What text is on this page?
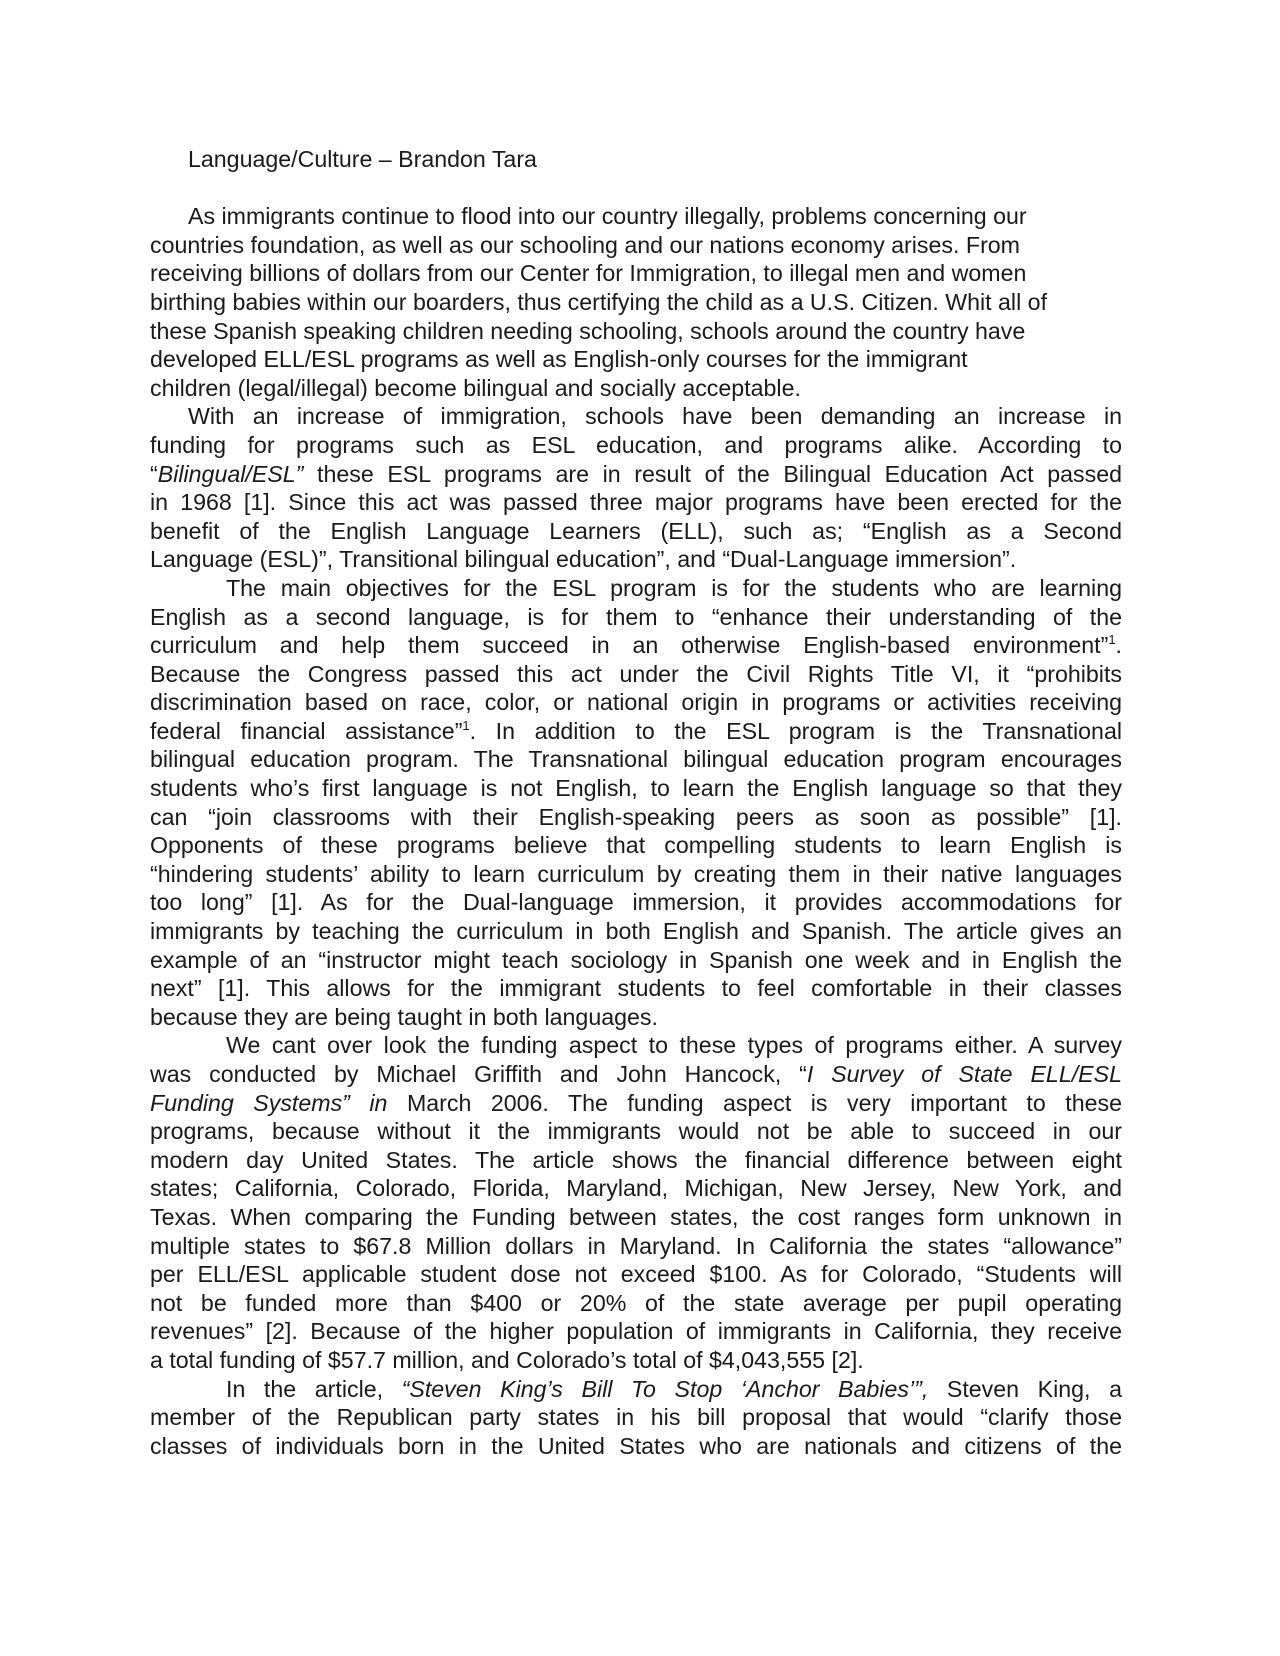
Language/Culture – Brandon Tara
As immigrants continue to flood into our country illegally, problems concerning our
countries foundation, as well as our schooling and our nations economy arises. From
receiving billions of dollars from our Center for Immigration, to illegal men and women
birthing babies within our boarders, thus certifying the child as a U.S. Citizen. Whit all of
these Spanish speaking children needing schooling, schools around the country have
developed ELL/ESL programs as well as English-only courses for the immigrant
children (legal/illegal) become bilingual and socially acceptable.
With an increase of immigration, schools have been demanding an increase in
funding for programs such as ESL education, and programs alike. According to
“Bilingual/ESL” these ESL programs are in result of the Bilingual Education Act passed
in 1968 [1]. Since this act was passed three major programs have been erected for the
benefit of the English Language Learners (ELL), such as; “English as a Second
Language (ESL)”, Transitional bilingual education”, and “Dual-Language immersion”.
The main objectives for the ESL program is for the students who are learning
English as a second language, is for them to “enhance their understanding of the
curriculum and help them succeed in an otherwise English-based environment”$^1$.
Because the Congress passed this act under the Civil Rights Title VI, it “prohibits
discrimination based on race, color, or national origin in programs or activities receiving
federal financial assistance”$^1$. In addition to the ESL program is the Transnational
bilingual education program. The Transnational bilingual education program encourages
students who’s first language is not English, to learn the English language so that they
can “join classrooms with their English-speaking peers as soon as possible” [1].
Opponents of these programs believe that compelling students to learn English is
“hindering students’ ability to learn curriculum by creating them in their native languages
too long” [1]. As for the Dual-language immersion, it provides accommodations for
immigrants by teaching the curriculum in both English and Spanish. The article gives an
example of an “instructor might teach sociology in Spanish one week and in English the
next” [1]. This allows for the immigrant students to feel comfortable in their classes
because they are being taught in both languages.
We cant over look the funding aspect to these types of programs either. A survey
was conducted by Michael Griffith and John Hancock, “I Survey of State ELL/ESL
Funding Systems” in March 2006. The funding aspect is very important to these
programs, because without it the immigrants would not be able to succeed in our
modern day United States. The article shows the financial difference between eight
states; California, Colorado, Florida, Maryland, Michigan, New Jersey, New York, and
Texas. When comparing the Funding between states, the cost ranges form unknown in
multiple states to $67.8 Million dollars in Maryland. In California the states “allowance”
per ELL/ESL applicable student dose not exceed $100. As for Colorado, “Students will
not be funded more than $400 or 20% of the state average per pupil operating
revenues” [2]. Because of the higher population of immigrants in California, they receive
a total funding of $57.7 million, and Colorado’s total of $4,043,555 [2].
In the article, “Steven King’s Bill To Stop ‘Anchor Babies’”, Steven King, a
member of the Republican party states in his bill proposal that would “clarify those
classes of individuals born in the United States who are nationals and citizens of the
